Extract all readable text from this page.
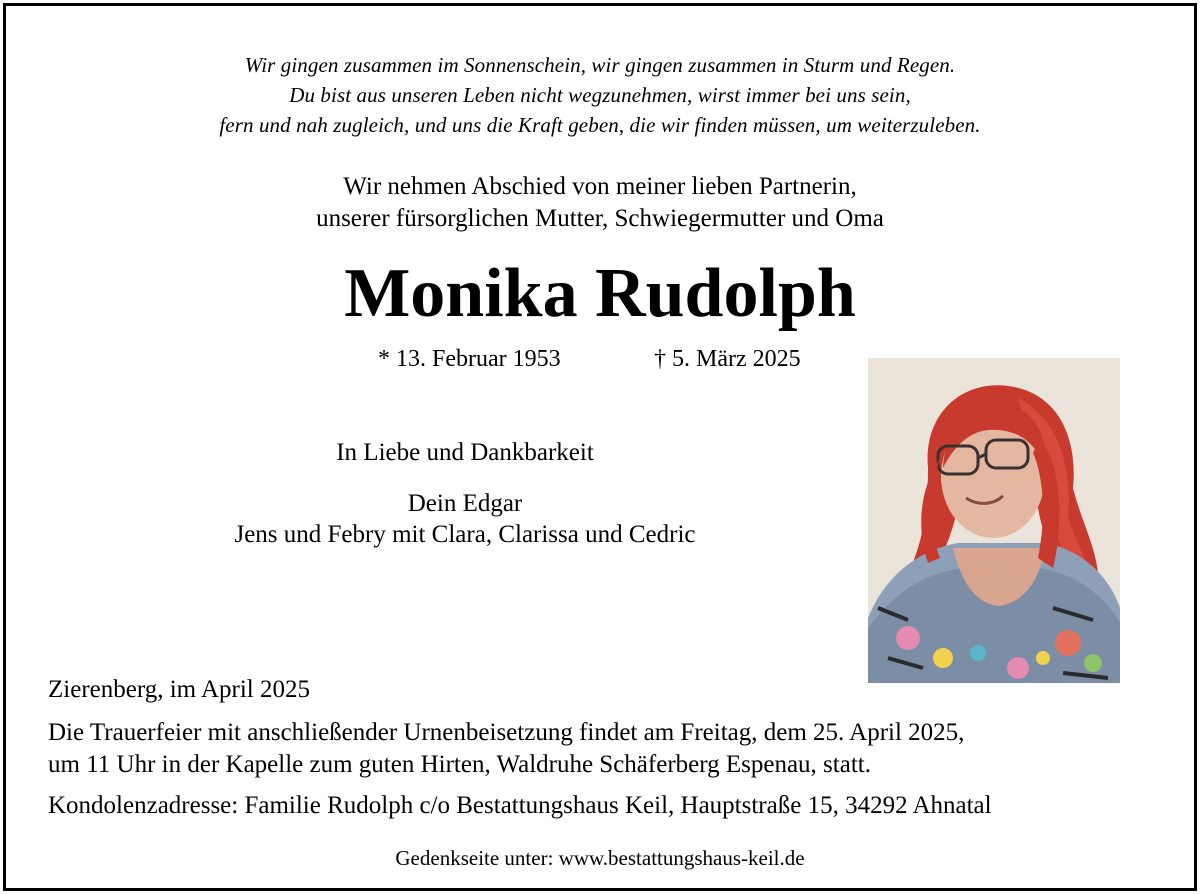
Wir gingen zusammen im Sonnenschein, wir gingen zusammen in Sturm und Regen.
Du bist aus unseren Leben nicht wegzunehmen, wirst immer bei uns sein,
fern und nah zugleich, und uns die Kraft geben, die wir finden müssen, um weiterzuleben.
Wir nehmen Abschied von meiner lieben Partnerin,
unserer fürsorglichen Mutter, Schwiegermutter und Oma
Monika Rudolph
* 13. Februar 1953	† 5. März 2025
In Liebe und Dankbarkeit
Dein Edgar
Jens und Febry mit Clara, Clarissa und Cedric
Zierenberg, im April 2025
Die Trauerfeier mit anschließender Urnenbeisetzung findet am Freitag, dem 25. April 2025,
um 11 Uhr in der Kapelle zum guten Hirten, Waldruhe Schäferberg Espenau, statt.
Kondolenzadresse: Familie Rudolph c/o Bestattungshaus Keil, Hauptstraße 15, 34292 Ahnatal
Gedenkseite unter: www.bestattungshaus-keil.de
